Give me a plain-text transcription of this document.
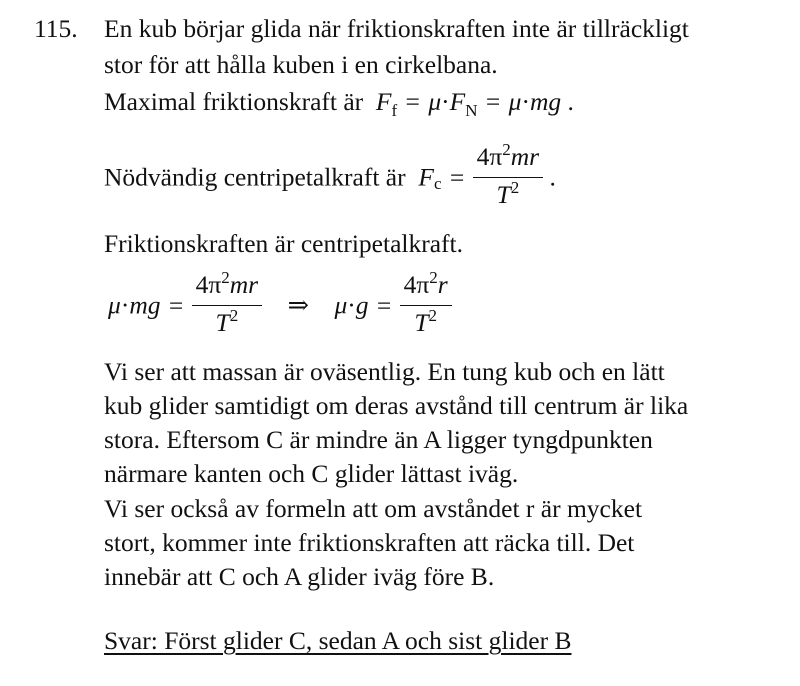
115. En kub börjar glida när friktionskraften inte är tillräckligt
stor för att hålla kuben i en cirkelbana.
Maximal friktionskraft är $F_f = \mu\cdot F_N = \mu\cdot mg$ .
Nödvändig centripetalkraft är $F_c = \frac{4\pi^2mr}{T^2}$ .
Friktionskraften är centripetalkraft.
$\mu\cdot mg = \frac{4\pi^2mr}{T^2}$ ⇒ $\mu\cdot g = \frac{4\pi^2r}{T^2}$
Vi ser att massan är oväsentlig. En tung kub och en lätt
kub glider samtidigt om deras avstånd till centrum är lika
stora. Eftersom C är mindre än A ligger tyngdpunkten
närmare kanten och C glider lättast iväg.
Vi ser också av formeln att om avståndet r är mycket
stort, kommer inte friktionskraften att räcka till. Det
innebär att C och A glider iväg före B.
Svar: Först glider C, sedan A och sist glider B
